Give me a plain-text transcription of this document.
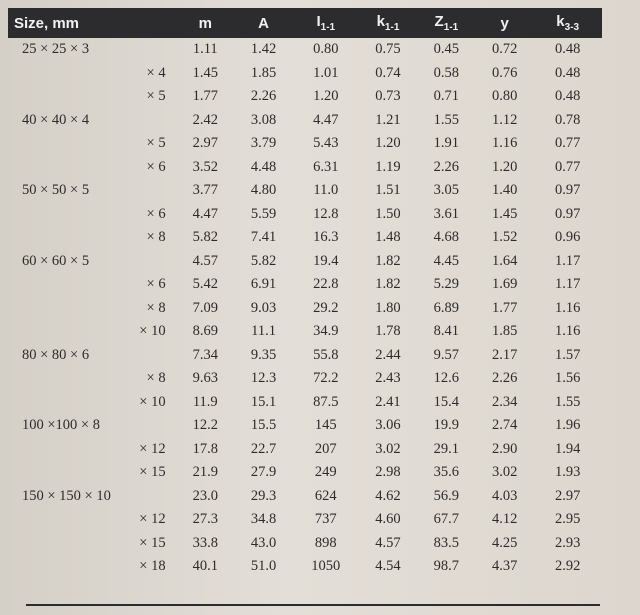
Size, mm	m	A	$I_{1-1}$	$k_{1-1}$	$Z_{1-1}$	y	$k_{3-3}$
25 × 25 × 3	1.11	1.42	0.80	0.75	0.45	0.72	0.48
× 4	1.45	1.85	1.01	0.74	0.58	0.76	0.48
× 5	1.77	2.26	1.20	0.73	0.71	0.80	0.48
40 × 40 × 4	2.42	3.08	4.47	1.21	1.55	1.12	0.78
× 5	2.97	3.79	5.43	1.20	1.91	1.16	0.77
× 6	3.52	4.48	6.31	1.19	2.26	1.20	0.77
50 × 50 × 5	3.77	4.80	11.0	1.51	3.05	1.40	0.97
× 6	4.47	5.59	12.8	1.50	3.61	1.45	0.97
× 8	5.82	7.41	16.3	1.48	4.68	1.52	0.96
60 × 60 × 5	4.57	5.82	19.4	1.82	4.45	1.64	1.17
× 6	5.42	6.91	22.8	1.82	5.29	1.69	1.17
× 8	7.09	9.03	29.2	1.80	6.89	1.77	1.16
× 10	8.69	11.1	34.9	1.78	8.41	1.85	1.16
80 × 80 × 6	7.34	9.35	55.8	2.44	9.57	2.17	1.57
× 8	9.63	12.3	72.2	2.43	12.6	2.26	1.56
× 10	11.9	15.1	87.5	2.41	15.4	2.34	1.55
100 ×100 × 8	12.2	15.5	145	3.06	19.9	2.74	1.96
× 12	17.8	22.7	207	3.02	29.1	2.90	1.94
× 15	21.9	27.9	249	2.98	35.6	3.02	1.93
150 × 150 × 10	23.0	29.3	624	4.62	56.9	4.03	2.97
× 12	27.3	34.8	737	4.60	67.7	4.12	2.95
× 15	33.8	43.0	898	4.57	83.5	4.25	2.93
× 18	40.1	51.0	1050	4.54	98.7	4.37	2.92
